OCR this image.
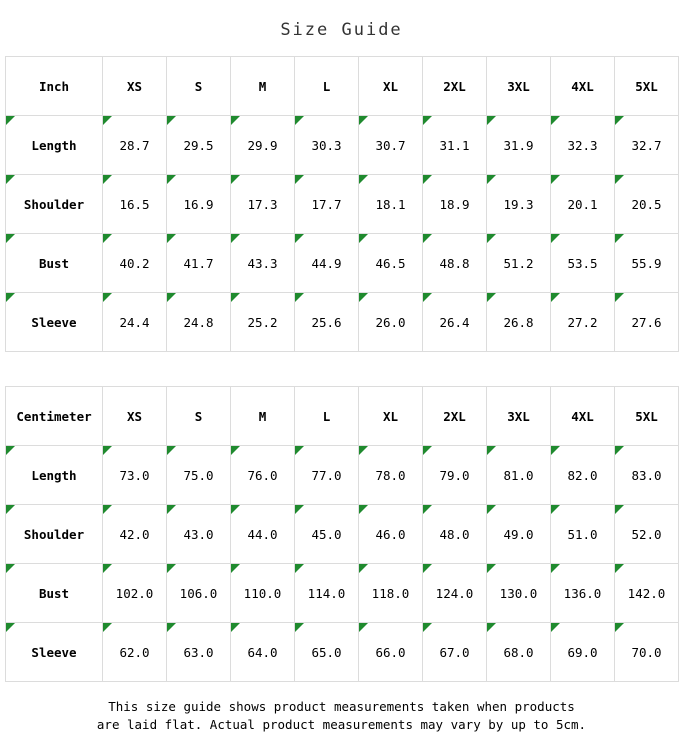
Size Guide
Inch	XS	S	M	L	XL	2XL	3XL	4XL	5XL
Length	28.7	29.5	29.9	30.3	30.7	31.1	31.9	32.3	32.7

Shoulder	16.5	16.9	17.3	17.7	18.1	18.9	19.3	20.1	20.5

Bust	40.2	41.7	43.3	44.9	46.5	48.8	51.2	53.5	55.9

Sleeve	24.4	24.8	25.2	25.6	26.0	26.4	26.8	27.2	27.6
Centimeter	XS	S	M	L	XL	2XL	3XL	4XL	5XL
Length	73.0	75.0	76.0	77.0	78.0	79.0	81.0	82.0	83.0

Shoulder	42.0	43.0	44.0	45.0	46.0	48.0	49.0	51.0	52.0

Bust	102.0	106.0	110.0	114.0	118.0	124.0	130.0	136.0	142.0

Sleeve	62.0	63.0	64.0	65.0	66.0	67.0	68.0	69.0	70.0
This size guide shows product measurements taken when products
are laid flat. Actual product measurements may vary by up to 5cm.
